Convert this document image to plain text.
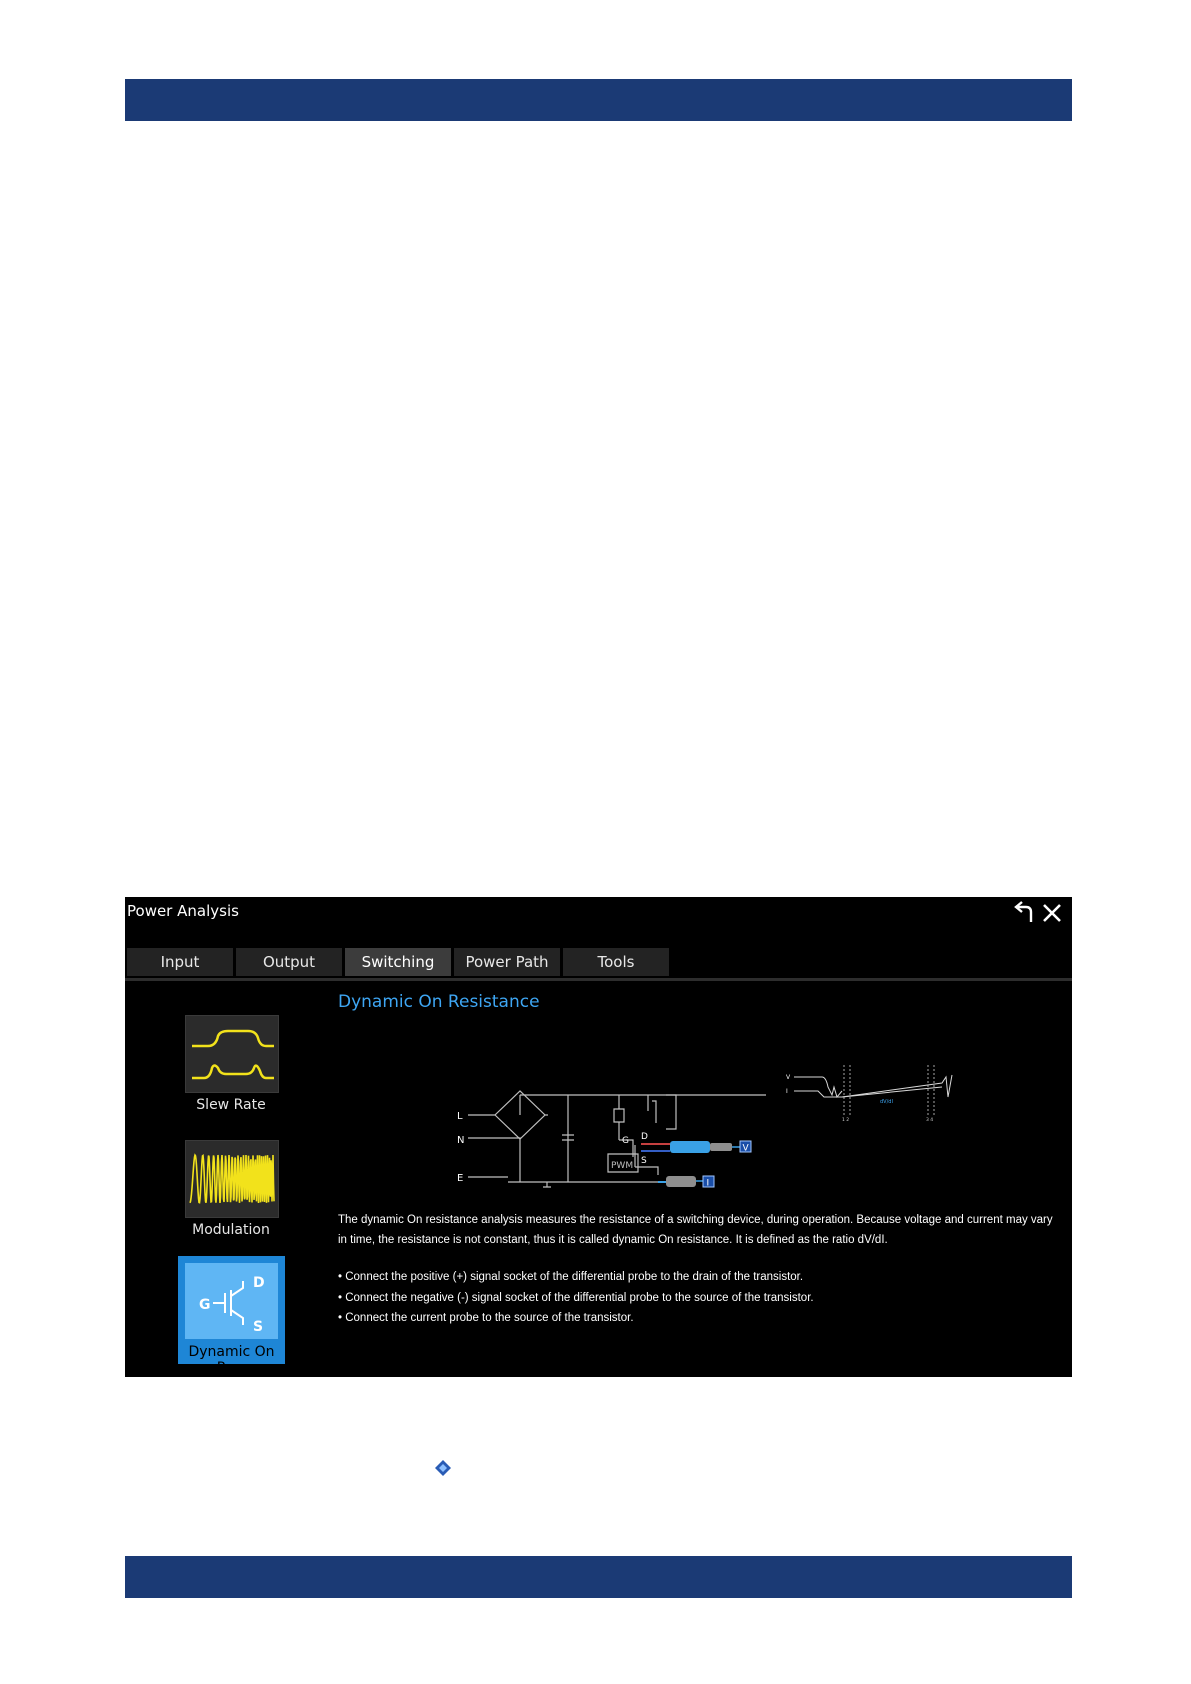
Power Analysis
Input	Output	Switching	Power Path	Tools
Slew Rate
Modulation
G
D
S
Dynamic On Res.
Dynamic On Resistance
L
N
E
G D
S
PWM
V
I
V
I
dV/dI
1 2	3 4
The dynamic On resistance analysis measures the resistance of a switching device, during operation. Because voltage and current may vary in time, the resistance is not constant, thus it is called dynamic On resistance. It is defined as the ratio dV/dI.
• Connect the positive (+) signal socket of the differential probe to the drain of the transistor.
• Connect the negative (-) signal socket of the differential probe to the source of the transistor.
• Connect the current probe to the source of the transistor.
